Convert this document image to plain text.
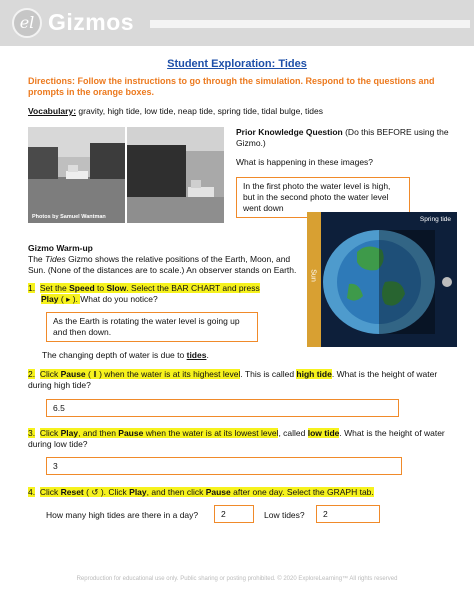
el Gizmos
Student Exploration: Tides
Directions: Follow the instructions to go through the simulation. Respond to the questions and prompts in the orange boxes.
Vocabulary: gravity, high tide, low tide, neap tide, spring tide, tidal bulge, tides
Photos by Samuel Wantman
Prior Knowledge Question (Do this BEFORE using the Gizmo.)
What is happening in these images?
In the first photo the water level is high, but in the second photo the water level went down
Spring tide
Sun
Gizmo Warm-up
The Tides Gizmo shows the relative positions of the Earth, Moon, and Sun. (None of the distances are to scale.) An observer stands on Earth.
1. Set the Speed to Slow. Select the BAR CHART and press
Play ( ▸ ). What do you notice?
As the Earth is rotating the water level is going up and then down.
The changing depth of water is due to tides.
2. Click Pause ( ‖ ) when the water is at its highest level. This is called high tide. What is the height of water during high tide?
6.5
3. Click Play, and then Pause when the water is at its lowest level, called low tide. What is the height of water during low tide?
3
4. Click Reset ( ↺ ). Click Play, and then click Pause after one day. Select the GRAPH tab.
How many high tides are there in a day?	2	Low tides?	2
Reproduction for educational use only. Public sharing or posting prohibited. © 2020 ExploreLearning™ All rights reserved
